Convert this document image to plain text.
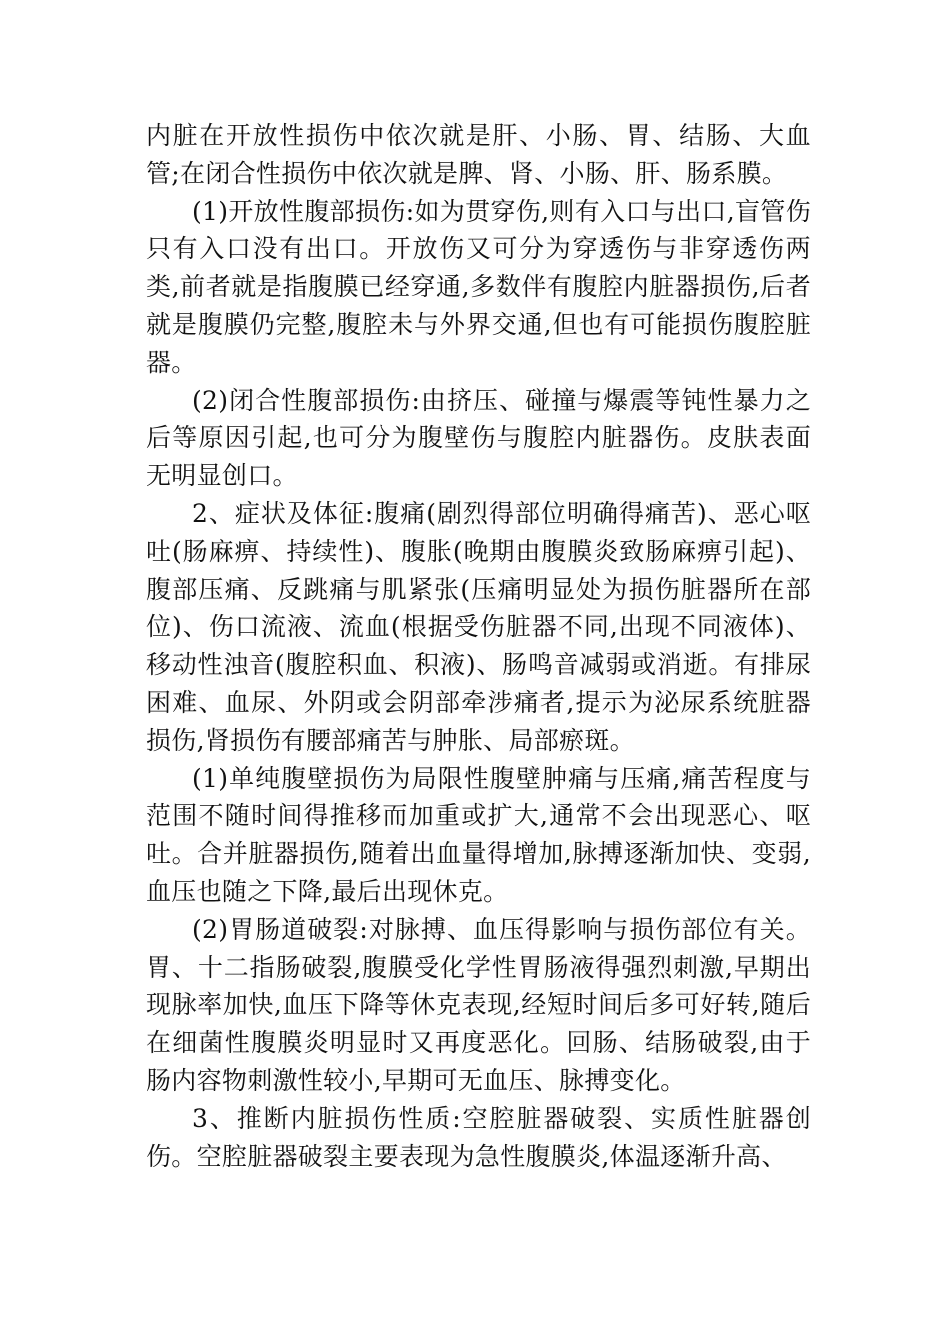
内脏在开放性损伤中依次就是肝、小肠、胃、结肠、大血管;在闭合性损伤中依次就是脾、肾、小肠、肝、肠系膜。

(1)开放性腹部损伤:如为贯穿伤,则有入口与出口,盲管伤只有入口没有出口。开放伤又可分为穿透伤与非穿透伤两类,前者就是指腹膜已经穿通,多数伴有腹腔内脏器损伤,后者就是腹膜仍完整,腹腔未与外界交通,但也有可能损伤腹腔脏器。

(2)闭合性腹部损伤:由挤压、碰撞与爆震等钝性暴力之后等原因引起,也可分为腹壁伤与腹腔内脏器伤。皮肤表面无明显创口。

2、症状及体征:腹痛(剧烈得部位明确得痛苦)、恶心呕吐(肠麻痹、持续性)、腹胀(晚期由腹膜炎致肠麻痹引起)、腹部压痛、反跳痛与肌紧张(压痛明显处为损伤脏器所在部位)、伤口流液、流血(根据受伤脏器不同,出现不同液体)、移动性浊音(腹腔积血、积液)、肠鸣音减弱或消逝。有排尿困难、血尿、外阴或会阴部牵涉痛者,提示为泌尿系统脏器损伤,肾损伤有腰部痛苦与肿胀、局部瘀斑。

(1)单纯腹壁损伤为局限性腹壁肿痛与压痛,痛苦程度与范围不随时间得推移而加重或扩大,通常不会出现恶心、呕吐。合并脏器损伤,随着出血量得增加,脉搏逐渐加快、变弱,血压也随之下降,最后出现休克。

(2)胃肠道破裂:对脉搏、血压得影响与损伤部位有关。胃、十二指肠破裂,腹膜受化学性胃肠液得强烈刺激,早期出现脉率加快,血压下降等休克表现,经短时间后多可好转,随后在细菌性腹膜炎明显时又再度恶化。回肠、结肠破裂,由于肠内容物刺激性较小,早期可无血压、脉搏变化。

3、推断内脏损伤性质:空腔脏器破裂、实质性脏器创伤。空腔脏器破裂主要表现为急性腹膜炎,体温逐渐升高、
